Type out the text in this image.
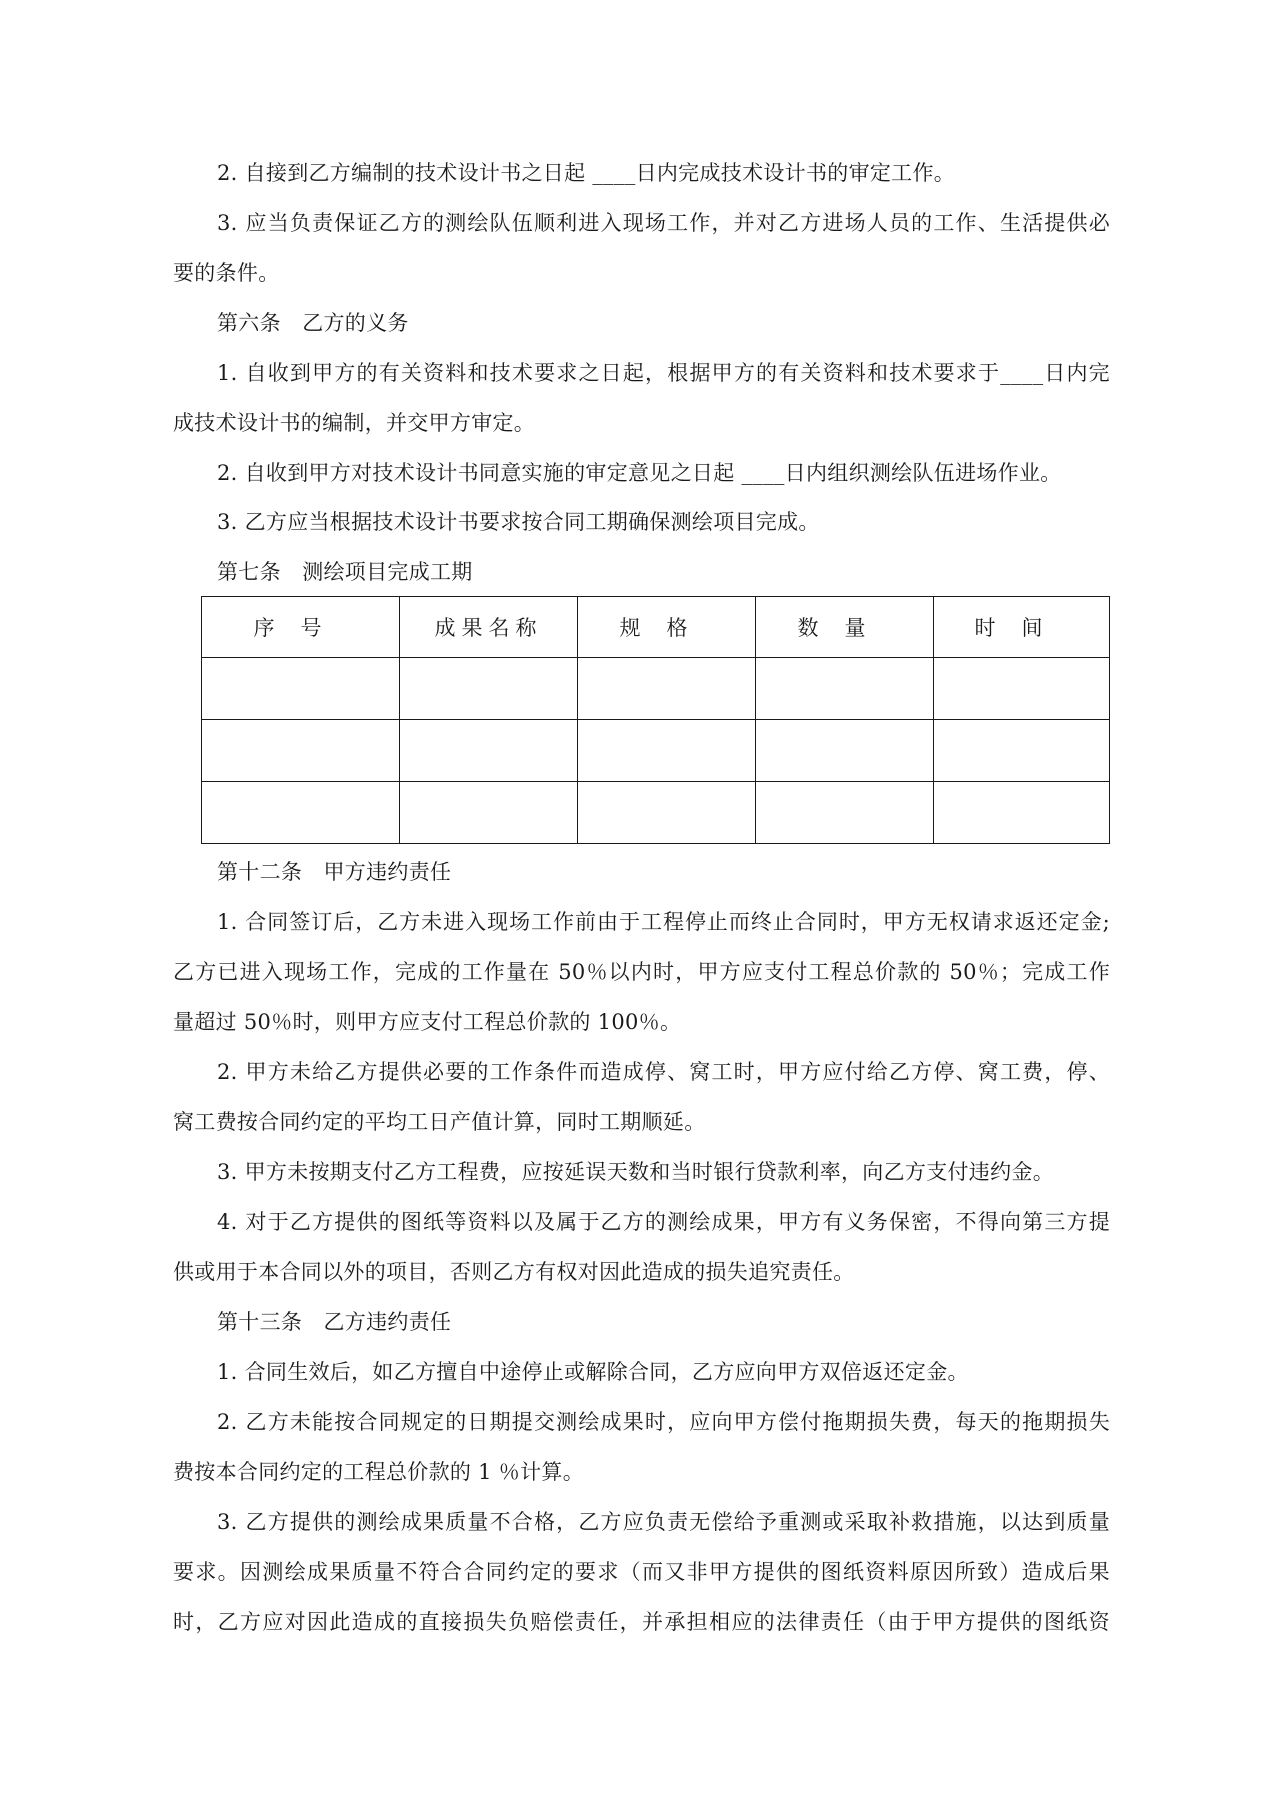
2. 自接到乙方编制的技术设计书之日起 ____日内完成技术设计书的审定工作。

3. 应当负责保证乙方的测绘队伍顺利进入现场工作，并对乙方进场人员的工作、生活提供必

要的条件。

第六条　乙方的义务

1. 自收到甲方的有关资料和技术要求之日起，根据甲方的有关资料和技术要求于____日内完

成技术设计书的编制，并交甲方审定。

2. 自收到甲方对技术设计书同意实施的审定意见之日起 ____日内组织测绘队伍进场作业。

3. 乙方应当根据技术设计书要求按合同工期确保测绘项目完成。

第七条　测绘项目完成工期

序号	成果名称	规格	数量	时间

第十二条　甲方违约责任

1. 合同签订后，乙方未进入现场工作前由于工程停止而终止合同时，甲方无权请求返还定金;

乙方已进入现场工作，完成的工作量在 50％以内时，甲方应支付工程总价款的 50％；完成工作

量超过 50％时，则甲方应支付工程总价款的 100％。

2. 甲方未给乙方提供必要的工作条件而造成停、窝工时，甲方应付给乙方停、窝工费，停、

窝工费按合同约定的平均工日产值计算，同时工期顺延。

3. 甲方未按期支付乙方工程费，应按延误天数和当时银行贷款利率，向乙方支付违约金。

4. 对于乙方提供的图纸等资料以及属于乙方的测绘成果，甲方有义务保密，不得向第三方提

供或用于本合同以外的项目，否则乙方有权对因此造成的损失追究责任。

第十三条　乙方违约责任

1. 合同生效后，如乙方擅自中途停止或解除合同，乙方应向甲方双倍返还定金。

2. 乙方未能按合同规定的日期提交测绘成果时，应向甲方偿付拖期损失费，每天的拖期损失

费按本合同约定的工程总价款的 1 ％计算。

3. 乙方提供的测绘成果质量不合格，乙方应负责无偿给予重测或采取补救措施，以达到质量

要求。因测绘成果质量不符合合同约定的要求（而又非甲方提供的图纸资料原因所致）造成后果

时，乙方应对因此造成的直接损失负赔偿责任，并承担相应的法律责任（由于甲方提供的图纸资
